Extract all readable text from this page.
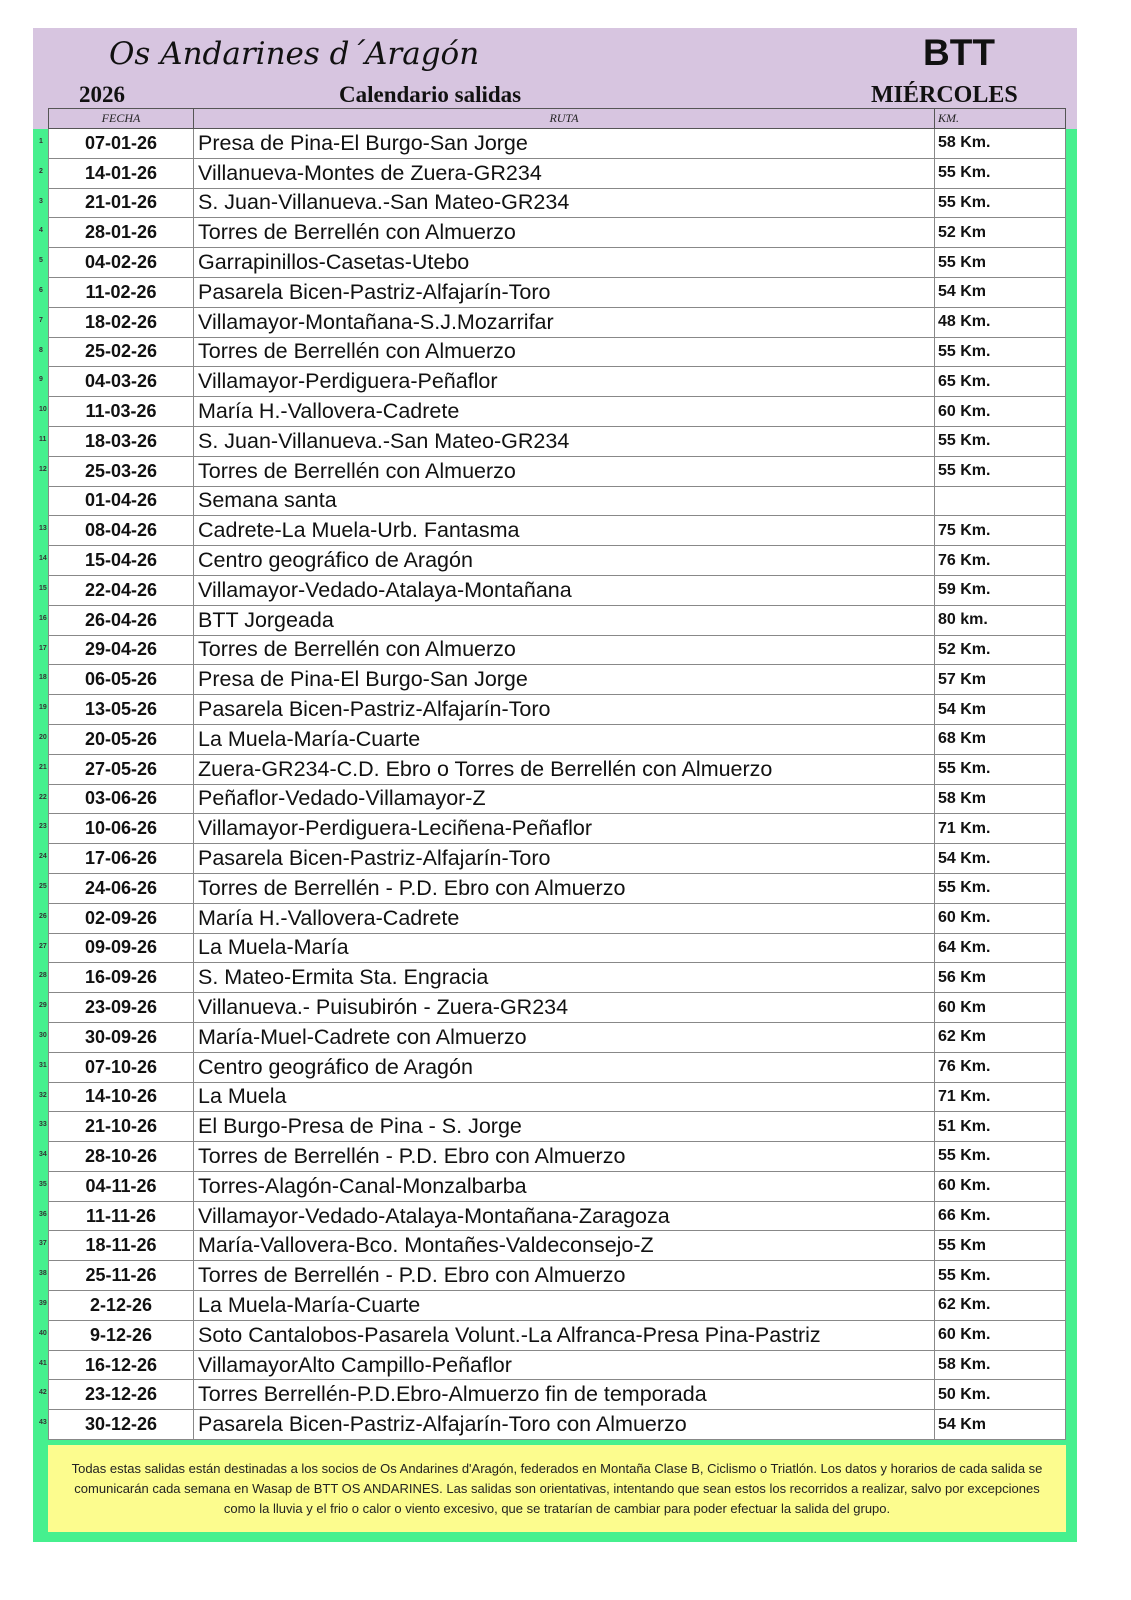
Os Andarines d´Aragón
2026	Calendario salidas
BTT
MIÉRCOLES
FECHA	RUTA	KM.

1 07-01-26	Presa de Pina-El Burgo-San Jorge	58 Km.

2 14-01-26	Villanueva-Montes de Zuera-GR234	55 Km.

3 21-01-26	S. Juan-Villanueva.-San Mateo-GR234	55 Km.

4 28-01-26	Torres de Berrellén con Almuerzo	52 Km

5 04-02-26	Garrapinillos-Casetas-Utebo	55 Km

6 11-02-26	Pasarela Bicen-Pastriz-Alfajarín-Toro	54 Km

7 18-02-26	Villamayor-Montañana-S.J.Mozarrifar	48 Km.

8 25-02-26	Torres de Berrellén con Almuerzo	55 Km.

9 04-03-26	Villamayor-Perdiguera-Peñaflor	65 Km.

10 11-03-26	María H.-Vallovera-Cadrete	60 Km.

11 18-03-26	S. Juan-Villanueva.-San Mateo-GR234	55 Km.

12 25-03-26	Torres de Berrellén con Almuerzo	55 Km.

01-04-26	Semana santa	

13 08-04-26	Cadrete-La Muela-Urb. Fantasma	75 Km.

14 15-04-26	Centro geográfico de Aragón	76 Km.

15 22-04-26	Villamayor-Vedado-Atalaya-Montañana	59 Km.

16 26-04-26	BTT Jorgeada	80 km.

17 29-04-26	Torres de Berrellén con Almuerzo	52 Km.

18 06-05-26	Presa de Pina-El Burgo-San Jorge	57 Km

19 13-05-26	Pasarela Bicen-Pastriz-Alfajarín-Toro	54 Km

20 20-05-26	La Muela-María-Cuarte	68 Km

21 27-05-26	Zuera-GR234-C.D. Ebro o Torres de Berrellén con Almuerzo	55 Km.

22 03-06-26	Peñaflor-Vedado-Villamayor-Z	58 Km

23 10-06-26	Villamayor-Perdiguera-Leciñena-Peñaflor	71 Km.

24 17-06-26	Pasarela Bicen-Pastriz-Alfajarín-Toro	54 Km.

25 24-06-26	Torres de Berrellén - P.D. Ebro con Almuerzo	55 Km.

26 02-09-26	María H.-Vallovera-Cadrete	60 Km.

27 09-09-26	La Muela-María	64 Km.

28 16-09-26	S. Mateo-Ermita Sta. Engracia	56 Km

29 23-09-26	Villanueva.- Puisubirón - Zuera-GR234	60 Km

30 30-09-26	María-Muel-Cadrete con Almuerzo	62 Km

31 07-10-26	Centro geográfico de Aragón	76 Km.

32 14-10-26	La Muela	71 Km.

33 21-10-26	El Burgo-Presa de Pina - S. Jorge	51 Km.

34 28-10-26	Torres de Berrellén - P.D. Ebro con Almuerzo	55 Km.

35 04-11-26	Torres-Alagón-Canal-Monzalbarba	60 Km.

36 11-11-26	Villamayor-Vedado-Atalaya-Montañana-Zaragoza	66 Km.

37 18-11-26	María-Vallovera-Bco. Montañes-Valdeconsejo-Z	55 Km

38 25-11-26	Torres de Berrellén - P.D. Ebro con Almuerzo	55 Km.

39 2-12-26	La Muela-María-Cuarte	62 Km.

40 9-12-26	Soto Cantalobos-Pasarela Volunt.-La Alfranca-Presa Pina-Pastriz	60 Km.

41 16-12-26	VillamayorAlto Campillo-Peñaflor	58 Km.

42 23-12-26	Torres Berrellén-P.D.Ebro-Almuerzo fin de temporada	50 Km.

43 30-12-26	Pasarela Bicen-Pastriz-Alfajarín-Toro con Almuerzo	54 Km

Todas estas salidas están destinadas a los socios de Os Andarines d'Aragón, federados en Montaña Clase B, Ciclismo o Triatlón. Los datos y horarios de cada salida se comunicarán cada semana en Wasap de BTT OS ANDARINES. Las salidas son orientativas, intentando que sean estos los recorridos a realizar, salvo por excepciones como la lluvia y el frio o calor o viento excesivo, que se tratarían de cambiar para poder efectuar la salida del grupo.
